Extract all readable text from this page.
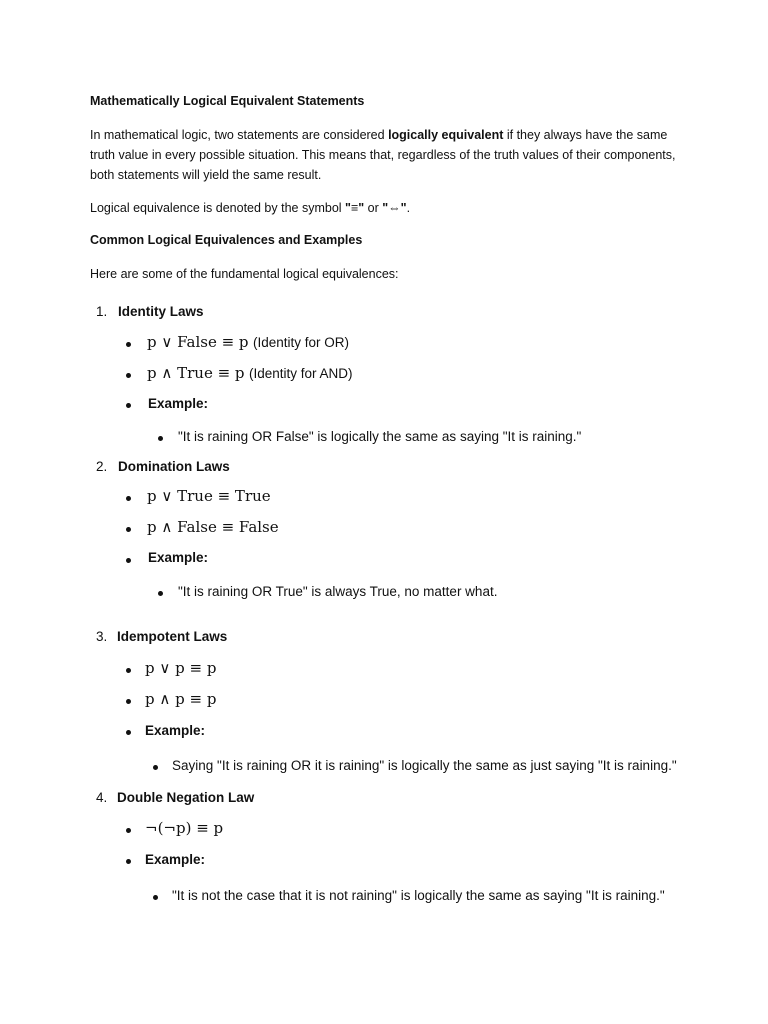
Mathematically Logical Equivalent Statements
In mathematical logic, two statements are considered logically equivalent if they always have the same truth value in every possible situation. This means that, regardless of the truth values of their components, both statements will yield the same result.
Logical equivalence is denoted by the symbol "≡" or "⇔".
Common Logical Equivalences and Examples
Here are some of the fundamental logical equivalences:
1. Identity Laws
p ∨ False ≡ p (Identity for OR)
p ∧ True ≡ p (Identity for AND)
Example:
"It is raining OR False" is logically the same as saying "It is raining."
2. Domination Laws
p ∨ True ≡ True
p ∧ False ≡ False
Example:
"It is raining OR True" is always True, no matter what.
3. Idempotent Laws
p ∨ p ≡ p
p ∧ p ≡ p
Example:
Saying "It is raining OR it is raining" is logically the same as just saying "It is raining."
4. Double Negation Law
¬(¬p) ≡ p
Example:
"It is not the case that it is not raining" is logically the same as saying "It is raining."
